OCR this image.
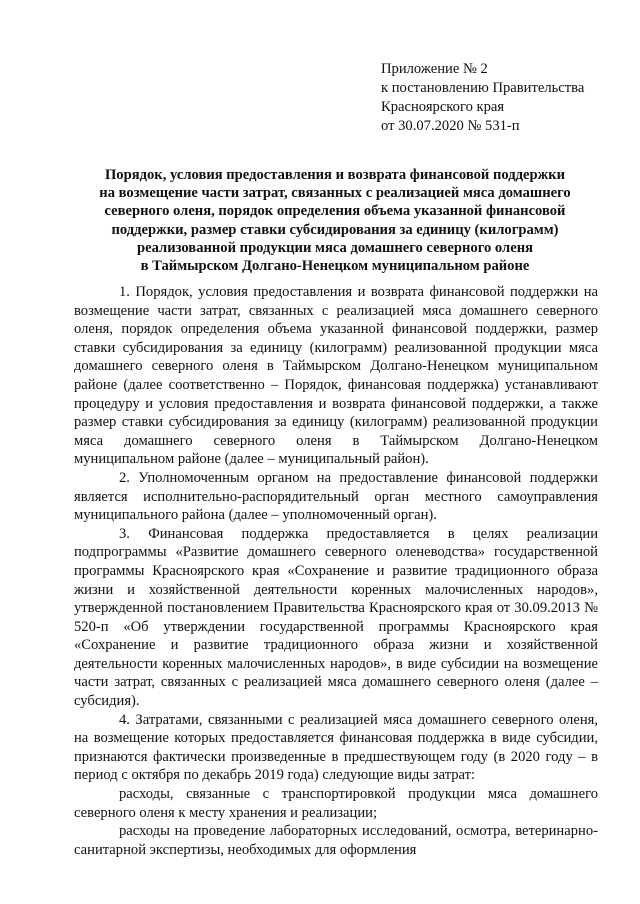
Приложение № 2
к постановлению Правительства
Красноярского края
от 30.07.2020 № 531-п
Порядок, условия предоставления и возврата финансовой поддержки
на возмещение части затрат, связанных с реализацией мяса домашнего
северного оленя, порядок определения объема указанной финансовой
поддержки, размер ставки субсидирования за единицу (килограмм)
реализованной продукции мяса домашнего северного оленя
в Таймырском Долгано-Ненецком муниципальном районе

1. Порядок, условия предоставления и возврата финансовой поддержки на возмещение части затрат, связанных с реализацией мяса домашнего северного оленя, порядок определения объема указанной финансовой поддержки, размер ставки субсидирования за единицу (килограмм) реализованной продукции мяса домашнего северного оленя в Таймырском Долгано-Ненецком муниципальном районе (далее соответственно – Порядок, финансовая поддержка) устанавливают процедуру и условия предоставления и возврата финансовой поддержки, а также размер ставки субсидирования за единицу (килограмм) реализованной продукции мяса домашнего северного оленя в Таймырском Долгано-Ненецком муниципальном районе (далее – муниципальный район).

2. Уполномоченным органом на предоставление финансовой поддержки является исполнительно-распорядительный орган местного самоуправления муниципального района (далее – уполномоченный орган).

3. Финансовая поддержка предоставляется в целях реализации подпрограммы «Развитие домашнего северного оленеводства» государственной программы Красноярского края «Сохранение и развитие традиционного образа жизни и хозяйственной деятельности коренных малочисленных народов», утвержденной постановлением Правительства Красноярского края от 30.09.2013 № 520-п «Об утверждении государственной программы Красноярского края «Сохранение и развитие традиционного образа жизни и хозяйственной деятельности коренных малочисленных народов», в виде субсидии на возмещение части затрат, связанных с реализацией мяса домашнего северного оленя (далее – субсидия).

4. Затратами, связанными с реализацией мяса домашнего северного оленя, на возмещение которых предоставляется финансовая поддержка в виде субсидии, признаются фактически произведенные в предшествующем году (в 2020 году – в период с октября по декабрь 2019 года) следующие виды затрат:

расходы, связанные с транспортировкой продукции мяса домашнего северного оленя к месту хранения и реализации;

расходы на проведение лабораторных исследований, осмотра, ветеринарно-санитарной экспертизы, необходимых для оформления
